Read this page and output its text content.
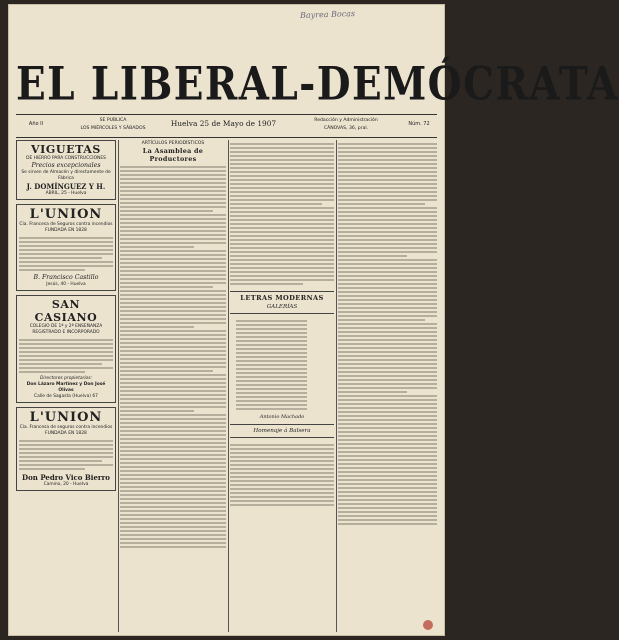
Bayrea Bocas
EL LIBERAL-DEMÓCRATA
Año II
SE PUBLICA
LOS MIÉRCOLES Y SÁBADOS
Huelva 25 de Mayo de 1907	Redacción y Administración
CÁNOVAS, 36, pral.
Núm. 72
VIGUETAS
DE HIERRO PARA CONSTRUCCIONES
Precios excepcionales
Se sirven de Almacén y directamente de Fábrica
J. DOMÍNGUEZ Y H.
ABRIL, 25 - Huelva
L'UNION
Cía. Francesa de Seguros contra incendios
FUNDADA EN 1828
B. Francisco Castillo
Jesús, 40 - Huelva
SAN CASIANO
COLEGIO DE 1ª y 2ª ENSEÑANZA
REGISTRADO E INCORPORADO
Directores propietarios:
Don Lázaro Martínez y Don José Olivas
Calle de Sagasta (Huelva) 67
L'UNION
Cía. Francesa de seguros contra incendios
FUNDADA EN 1828
Don Pedro Vico Bierro
Camino, 20 - Huelva
ARTÍCULOS PERIODÍSTICOS
La Asamblea de Productores
LETRAS MODERNAS
GALERÍAS
Antonio Machado
Homenaje á Balsera
